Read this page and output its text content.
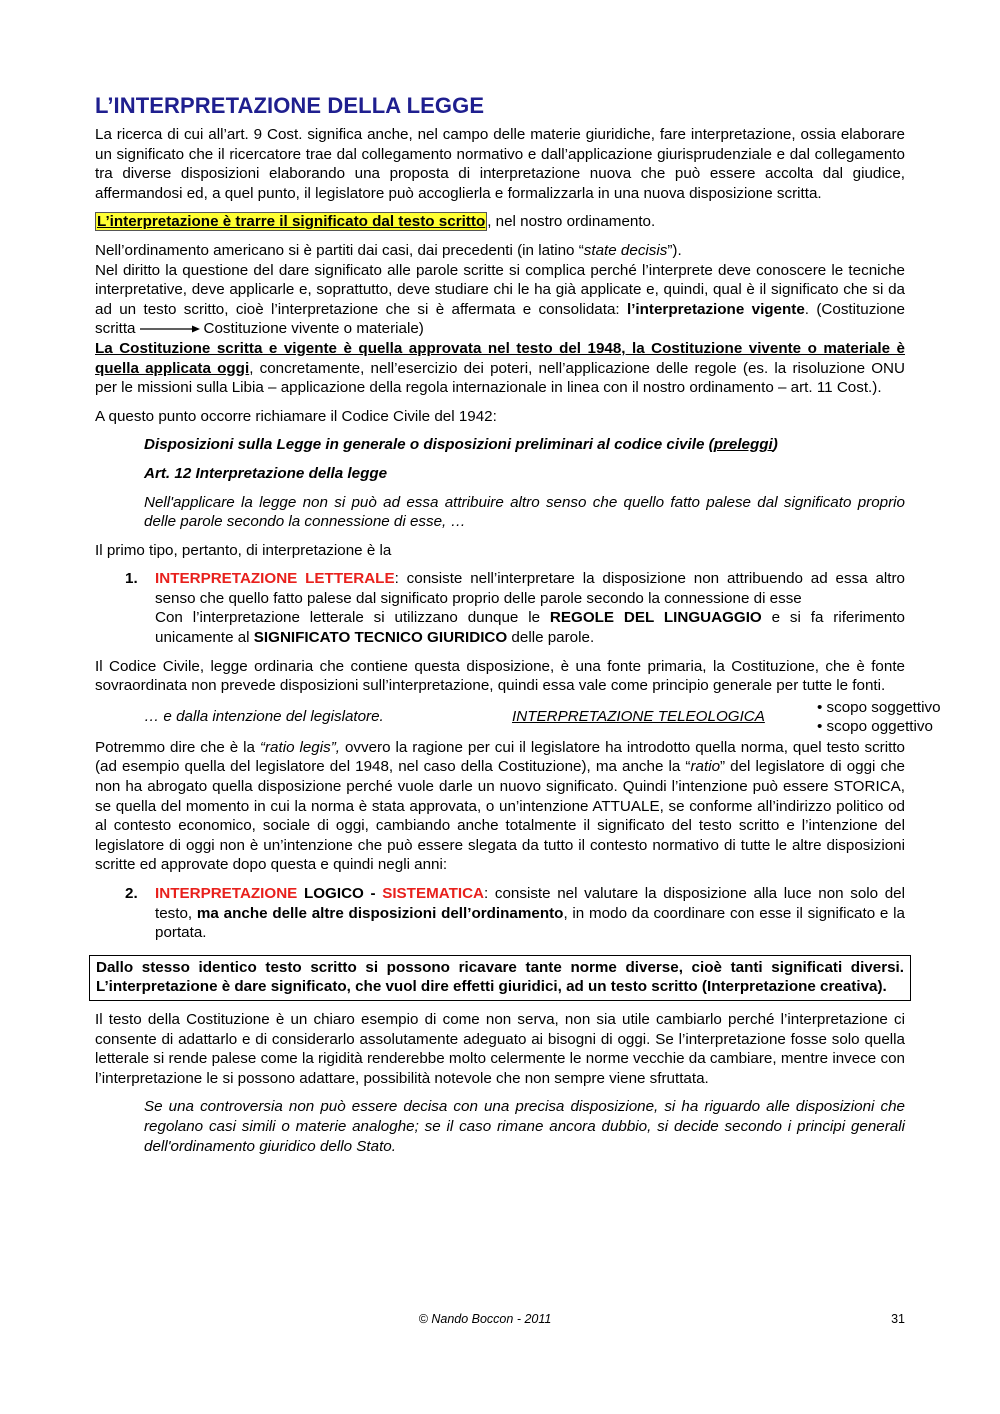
L’INTERPRETAZIONE DELLA LEGGE

La ricerca di cui all’art. 9 Cost. significa anche, nel campo delle materie giuridiche, fare interpretazione, ossia elaborare un significato che il ricercatore trae dal collegamento normativo e dall’applicazione giurisprudenziale e dal collegamento tra diverse disposizioni elaborando una proposta di interpretazione nuova che può essere accolta dal giudice, affermandosi ed, a quel punto, il legislatore può accoglierla e formalizzarla in una nuova disposizione scritta.

L’interpretazione è trarre il significato dal testo scritto , nel nostro ordinamento.

Nell’ordinamento americano si è partiti dai casi, dai precedenti (in latino “state decisis”).

Nel diritto la questione del dare significato alle parole scritte si complica perché l’interprete deve conoscere le tecniche interpretative, deve applicarle e, soprattutto, deve studiare chi le ha già applicate e, quindi, qual è il significato che si da ad un testo scritto, cioè l’interpretazione che si è affermata e consolidata: l’interpretazione vigente. (Costituzione scritta	Costituzione vivente o materiale)

La Costituzione scritta e vigente è quella approvata nel testo del 1948, la Costituzione vivente o materiale è quella applicata oggi, concretamente, nell’esercizio dei poteri, nell’applicazione delle regole (es. la risoluzione ONU per le missioni sulla Libia – applicazione della regola internazionale in linea con il nostro ordinamento – art. 11 Cost.).

A questo punto occorre richiamare il Codice Civile del 1942:

Disposizioni sulla Legge in generale o disposizioni preliminari al codice civile (preleggi)

Art. 12 Interpretazione della legge

Nell'applicare la legge non si può ad essa attribuire altro senso che quello fatto palese dal significato proprio delle parole secondo la connessione di esse, …

Il primo tipo, pertanto, di interpretazione è la

1. INTERPRETAZIONE LETTERALE: consiste nell’interpretare la disposizione non attribuendo ad essa altro senso che quello fatto palese dal significato proprio delle parole secondo la connessione di esse

Con l’interpretazione letterale si utilizzano dunque le REGOLE DEL LINGUAGGIO e si fa riferimento unicamente al SIGNIFICATO TECNICO GIURIDICO delle parole.

Il Codice Civile, legge ordinaria che contiene questa disposizione, è una fonte primaria, la Costituzione, che è fonte sovraordinata non prevede disposizioni sull’interpretazione, quindi essa vale come principio generale per tutte le fonti.

… e dalla intenzione del legislatore.	INTERPRETAZIONE TELEOLOGICA
• scopo soggettivo
• scopo oggettivo

Potremmo dire che è la “ratio legis”, ovvero la ragione per cui il legislatore ha introdotto quella norma, quel testo scritto (ad esempio quella del legislatore del 1948, nel caso della Costituzione), ma anche la “ratio” del legislatore di oggi che non ha abrogato quella disposizione perché vuole darle un nuovo significato. Quindi l’intenzione può essere STORICA, se quella del momento in cui la norma è stata approvata, o un’intenzione ATTUALE, se conforme all’indirizzo politico od al contesto economico, sociale di oggi, cambiando anche totalmente il significato del testo scritto e l’intenzione del legislatore di oggi non è un’intenzione che può essere slegata da tutto il contesto normativo di tutte le altre disposizioni scritte ed approvate dopo questa e quindi negli anni:

2. INTERPRETAZIONE LOGICO - SISTEMATICA: consiste nel valutare la disposizione alla luce non solo del testo, ma anche delle altre disposizioni dell’ordinamento, in modo da coordinare con esse il significato e la portata.

Dallo stesso identico testo scritto si possono ricavare tante norme diverse, cioè tanti significati diversi. L’interpretazione è dare significato, che vuol dire effetti giuridici, ad un testo scritto (Interpretazione creativa).

Il testo della Costituzione è un chiaro esempio di come non serva, non sia utile cambiarlo perché l’interpretazione ci consente di adattarlo e di considerarlo assolutamente adeguato ai bisogni di oggi. Se l’interpretazione fosse solo quella letterale si rende palese come la rigidità renderebbe molto celermente le norme vecchie da cambiare, mentre invece con l’interpretazione le si possono adattare, possibilità notevole che non sempre viene sfruttata.

Se una controversia non può essere decisa con una precisa disposizione, si ha riguardo alle disposizioni che regolano casi simili o materie analoghe; se il caso rimane ancora dubbio, si decide secondo i principi generali dell'ordinamento giuridico dello Stato.

© Nando Boccon - 2011	31
